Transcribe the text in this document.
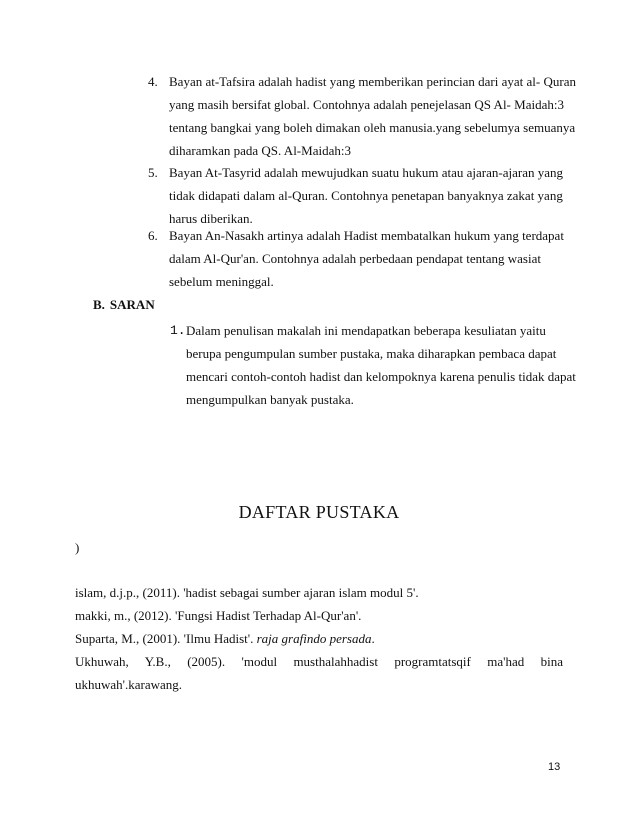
4. Bayan at-Tafsira adalah hadist yang memberikan perincian dari ayat al- Quran yang masih bersifat global. Contohnya adalah penejelasan QS Al- Maidah:3 tentang bangkai yang boleh dimakan oleh manusia.yang sebelumya semuanya diharamkan pada QS. Al-Maidah:3
5. Bayan At-Tasyrid adalah mewujudkan suatu hukum atau ajaran-ajaran yang tidak didapati dalam al-Quran. Contohnya penetapan banyaknya zakat yang harus diberikan.
6. Bayan An-Nasakh artinya adalah Hadist membatalkan hukum yang terdapat dalam Al-Qur'an. Contohnya adalah perbedaan pendapat tentang wasiat sebelum meninggal.

B. SARAN

1. Dalam penulisan makalah ini mendapatkan beberapa kesuliatan yaitu berupa pengumpulan sumber pustaka, maka diharapkan pembaca dapat mencari contoh-contoh hadist dan kelompoknya karena penulis tidak dapat mengumpulkan banyak pustaka.
DAFTAR PUSTAKA

)

islam, d.j.p., (2011). 'hadist sebagai sumber ajaran islam modul 5'.

makki, m., (2012). 'Fungsi Hadist Terhadap Al-Qur'an'.

Suparta, M., (2001). 'Ilmu Hadist'. raja grafindo persada.

Ukhuwah, Y.B., (2005). 'modul musthalahhadist programtatsqif ma'had bina

ukhuwah'.karawang.

13
